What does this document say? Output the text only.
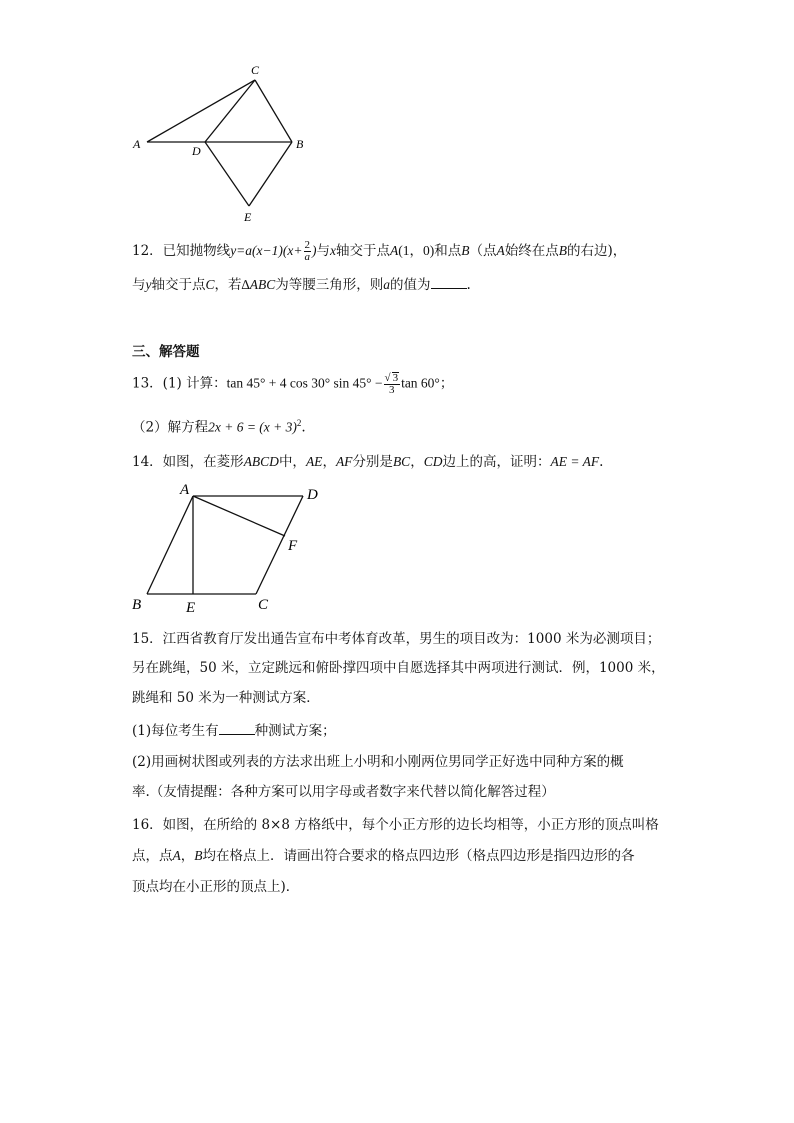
A	B
C
D
E
12．已知抛物线$y=a(x-1)(x+ \frac{2}{a}$ )与x轴交于点A(1，0)和点B（点A始终在点B的右边)，
与y轴交于点C，若∆ABC为等腰三角形，则a的值为	.
三、解答题
13．(1) 计算：tan 45° + 4 cos 30° $\sin 45^\circ - \frac{√ 3}{3}$ tan 60°；
（2）解方程$2x + 6 = (x + 3)^2$.
14．如图，在菱形ABCD中，AE，AF分别是BC，CD边上的高，证明：AE = AF.
A	D
F
B	E	C
15．江西省教育厅发出通告宣布中考体育改革，男生的项目改为：1000 米为必测项目；
另在跳绳，50 米，立定跳远和俯卧撑四项中自愿选择其中两项进行测试．例，1000 米，
跳绳和 50 米为一种测试方案．
(1)每位考生有	种测试方案；
(2)用画树状图或列表的方法求出班上小明和小刚两位男同学正好选中同种方案的概
率.（友情提醒：各种方案可以用字母或者数字来代替以简化解答过程）
16．如图，在所给的 8×8 方格纸中，每个小正方形的边长均相等，小正方形的顶点叫格
点，点A，B均在格点上．请画出符合要求的格点四边形（格点四边形是指四边形的各
顶点均在小正形的顶点上)．
